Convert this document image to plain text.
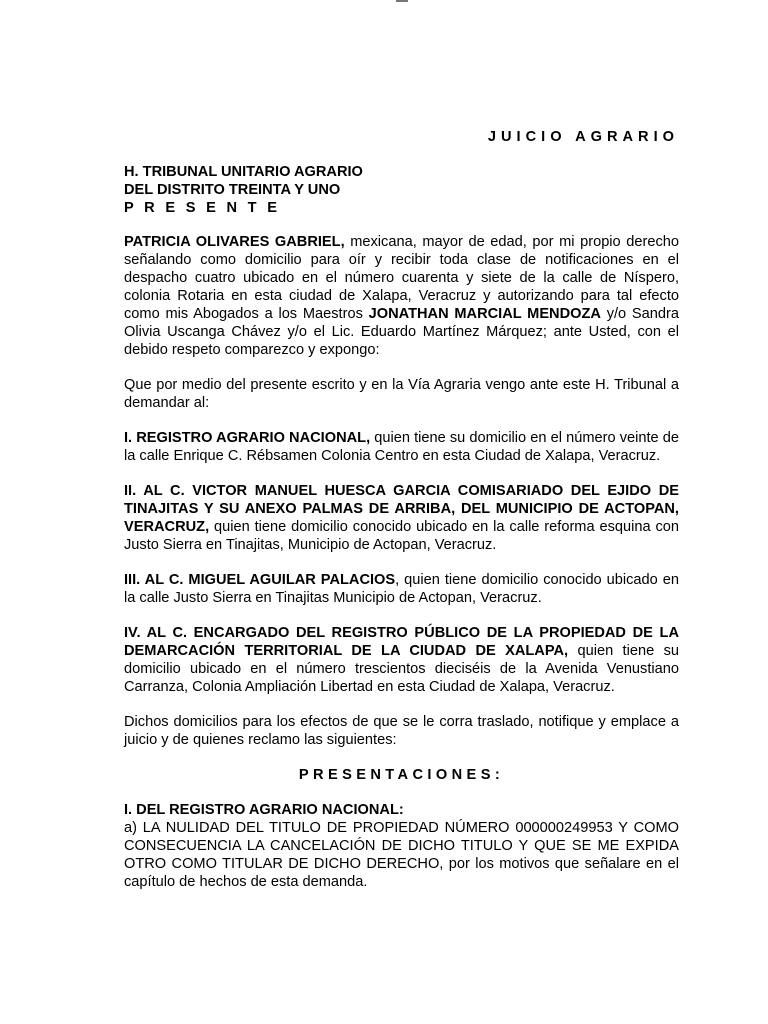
JUICIO AGRARIO
H. TRIBUNAL UNITARIO AGRARIO
DEL DISTRITO TREINTA Y UNO
P R E S E N T E

PATRICIA OLIVARES GABRIEL, mexicana, mayor de edad, por mi propio derecho señalando como domicilio para oír y recibir toda clase de notificaciones en el despacho cuatro ubicado en el número cuarenta y siete de la calle de Níspero, colonia Rotaria en esta ciudad de Xalapa, Veracruz y autorizando para tal efecto como mis Abogados a los Maestros JONATHAN MARCIAL MENDOZA y/o Sandra Olivia Uscanga Chávez y/o el Lic. Eduardo Martínez Márquez; ante Usted, con el debido respeto comparezco y expongo:

Que por medio del presente escrito y en la Vía Agraria vengo ante este H. Tribunal a demandar al:

I. REGISTRO AGRARIO NACIONAL, quien tiene su domicilio en el número veinte de la calle Enrique C. Rébsamen Colonia Centro en esta Ciudad de Xalapa, Veracruz.

II. AL C. VICTOR MANUEL HUESCA GARCIA COMISARIADO DEL EJIDO DE TINAJITAS Y SU ANEXO PALMAS DE ARRIBA, DEL MUNICIPIO DE ACTOPAN, VERACRUZ, quien tiene domicilio conocido ubicado en la calle reforma esquina con Justo Sierra en Tinajitas, Municipio de Actopan, Veracruz.

III. AL C. MIGUEL AGUILAR PALACIOS, quien tiene domicilio conocido ubicado en la calle Justo Sierra en Tinajitas Municipio de Actopan, Veracruz.

IV. AL C. ENCARGADO DEL REGISTRO PÚBLICO DE LA PROPIEDAD DE LA DEMARCACIÓN TERRITORIAL DE LA CIUDAD DE XALAPA, quien tiene su domicilio ubicado en el número trescientos dieciséis de la Avenida Venustiano Carranza, Colonia Ampliación Libertad en esta Ciudad de Xalapa, Veracruz.

Dichos domicilios para los efectos de que se le corra traslado, notifique y emplace a juicio y de quienes reclamo las siguientes:

PRESENTACIONES:
I. DEL REGISTRO AGRARIO NACIONAL:

a) LA NULIDAD DEL TITULO DE PROPIEDAD NÚMERO 000000249953 Y COMO CONSECUENCIA LA CANCELACIÓN DE DICHO TITULO Y QUE SE ME EXPIDA OTRO COMO TITULAR DE DICHO DERECHO, por los motivos que señalare en el capítulo de hechos de esta demanda.
